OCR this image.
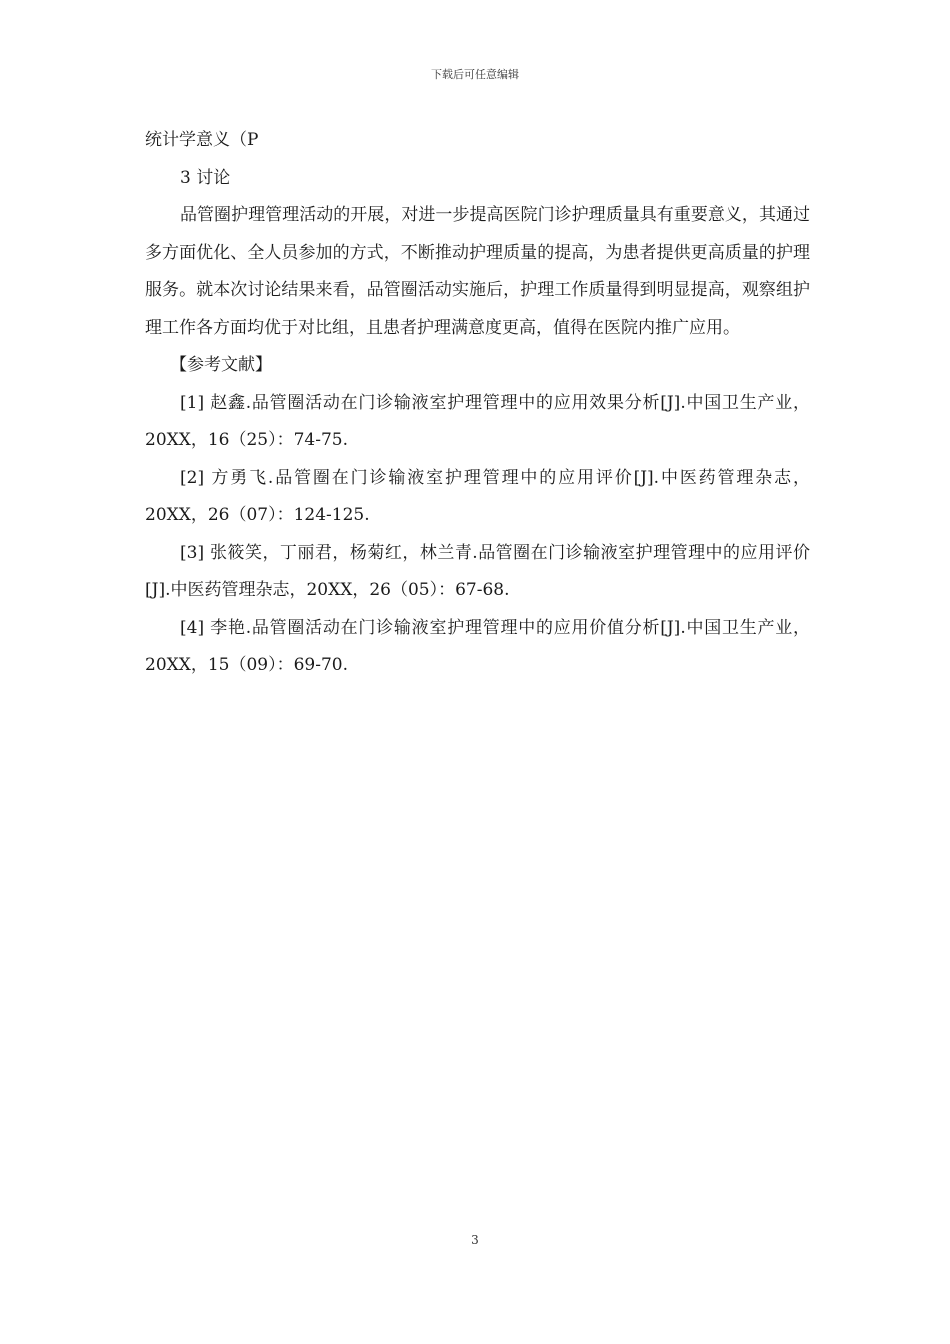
下载后可任意编辑

统计学意义（P

3 讨论

品管圈护理管理活动的开展，对进一步提高医院门诊护理质量具有重要意义，其通过多方面优化、全人员参加的方式，不断推动护理质量的提高，为患者提供更高质量的护理服务。就本次讨论结果来看，品管圈活动实施后，护理工作质量得到明显提高，观察组护理工作各方面均优于对比组，且患者护理满意度更高，值得在医院内推广应用。

【参考文献】

[1] 赵鑫.品管圈活动在门诊输液室护理管理中的应用效果分析[J].中国卫生产业，20XX，16（25）：74-75.

[2] 方勇飞.品管圈在门诊输液室护理管理中的应用评价[J].中医药管理杂志，20XX，26（07）：124-125.

[3] 张筱笑，丁丽君，杨菊红，林兰青.品管圈在门诊输液室护理管理中的应用评价[J].中医药管理杂志，20XX，26（05）：67-68.

[4] 李艳.品管圈活动在门诊输液室护理管理中的应用价值分析[J].中国卫生产业，20XX，15（09）：69-70.

3
